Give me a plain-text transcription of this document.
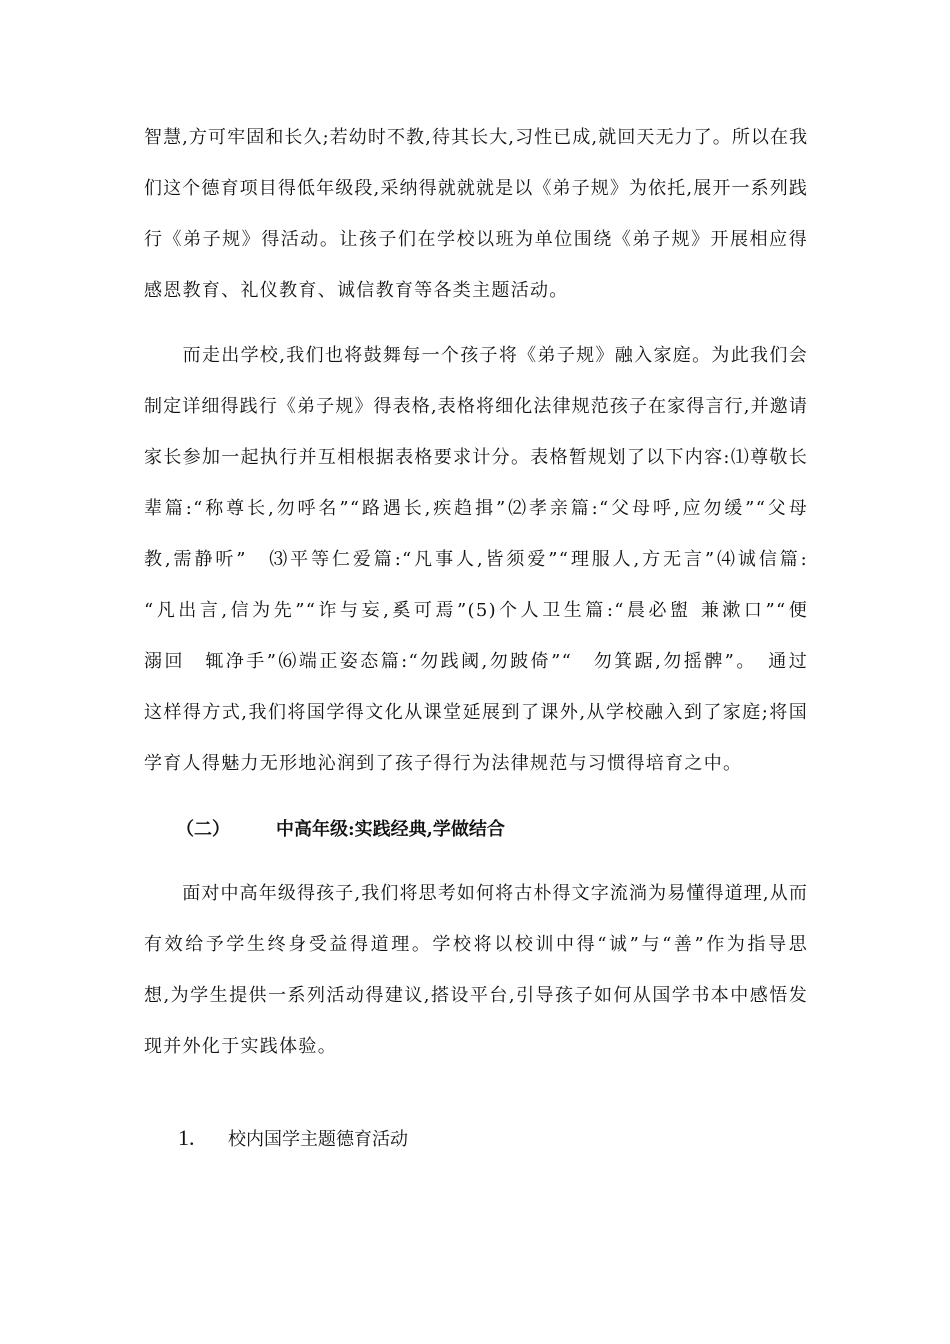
智慧,方可牢固和长久;若幼时不教,待其长大,习性已成,就回天无力了。所以在我
们这个德育项目得低年级段,采纳得就就就是以《弟子规》为依托,展开一系列践
行《弟子规》得活动。让孩子们在学校以班为单位围绕《弟子规》开展相应得
感恩教育、礼仪教育、诚信教育等各类主题活动。
　　而走出学校,我们也将鼓舞每一个孩子将《弟子规》融入家庭。为此我们会
制定详细得践行《弟子规》得表格,表格将细化法律规范孩子在家得言行,并邀请
家长参加一起执行并互相根据表格要求计分。表格暂规划了以下内容:⑴尊敬长
辈篇:“称尊长,勿呼名”“路遇长,疾趋揖”⑵孝亲篇:“父母呼,应勿缓”“父母
教,需静听”　⑶平等仁爱篇:“凡事人,皆须爱”“理服人,方无言”⑷诚信篇:
“凡出言,信为先”“诈与妄,奚可焉”(5)个人卫生篇:“晨必盥 兼漱口”“便
溺回　辄净手”⑹端正姿态篇:“勿践阈,勿跛倚”“　勿箕踞,勿摇髀”。　通过
这样得方式,我们将国学得文化从课堂延展到了课外,从学校融入到了家庭;将国
学育人得魅力无形地沁润到了孩子得行为法律规范与习惯得培育之中。
（二）	中高年级:实践经典,学做结合
　　面对中高年级得孩子,我们将思考如何将古朴得文字流淌为易懂得道理,从而
有效给予学生终身受益得道理。学校将以校训中得“诚”与“善”作为指导思
想,为学生提供一系列活动得建议,搭设平台,引导孩子如何从国学书本中感悟发
现并外化于实践体验。
1. 校内国学主题德育活动
